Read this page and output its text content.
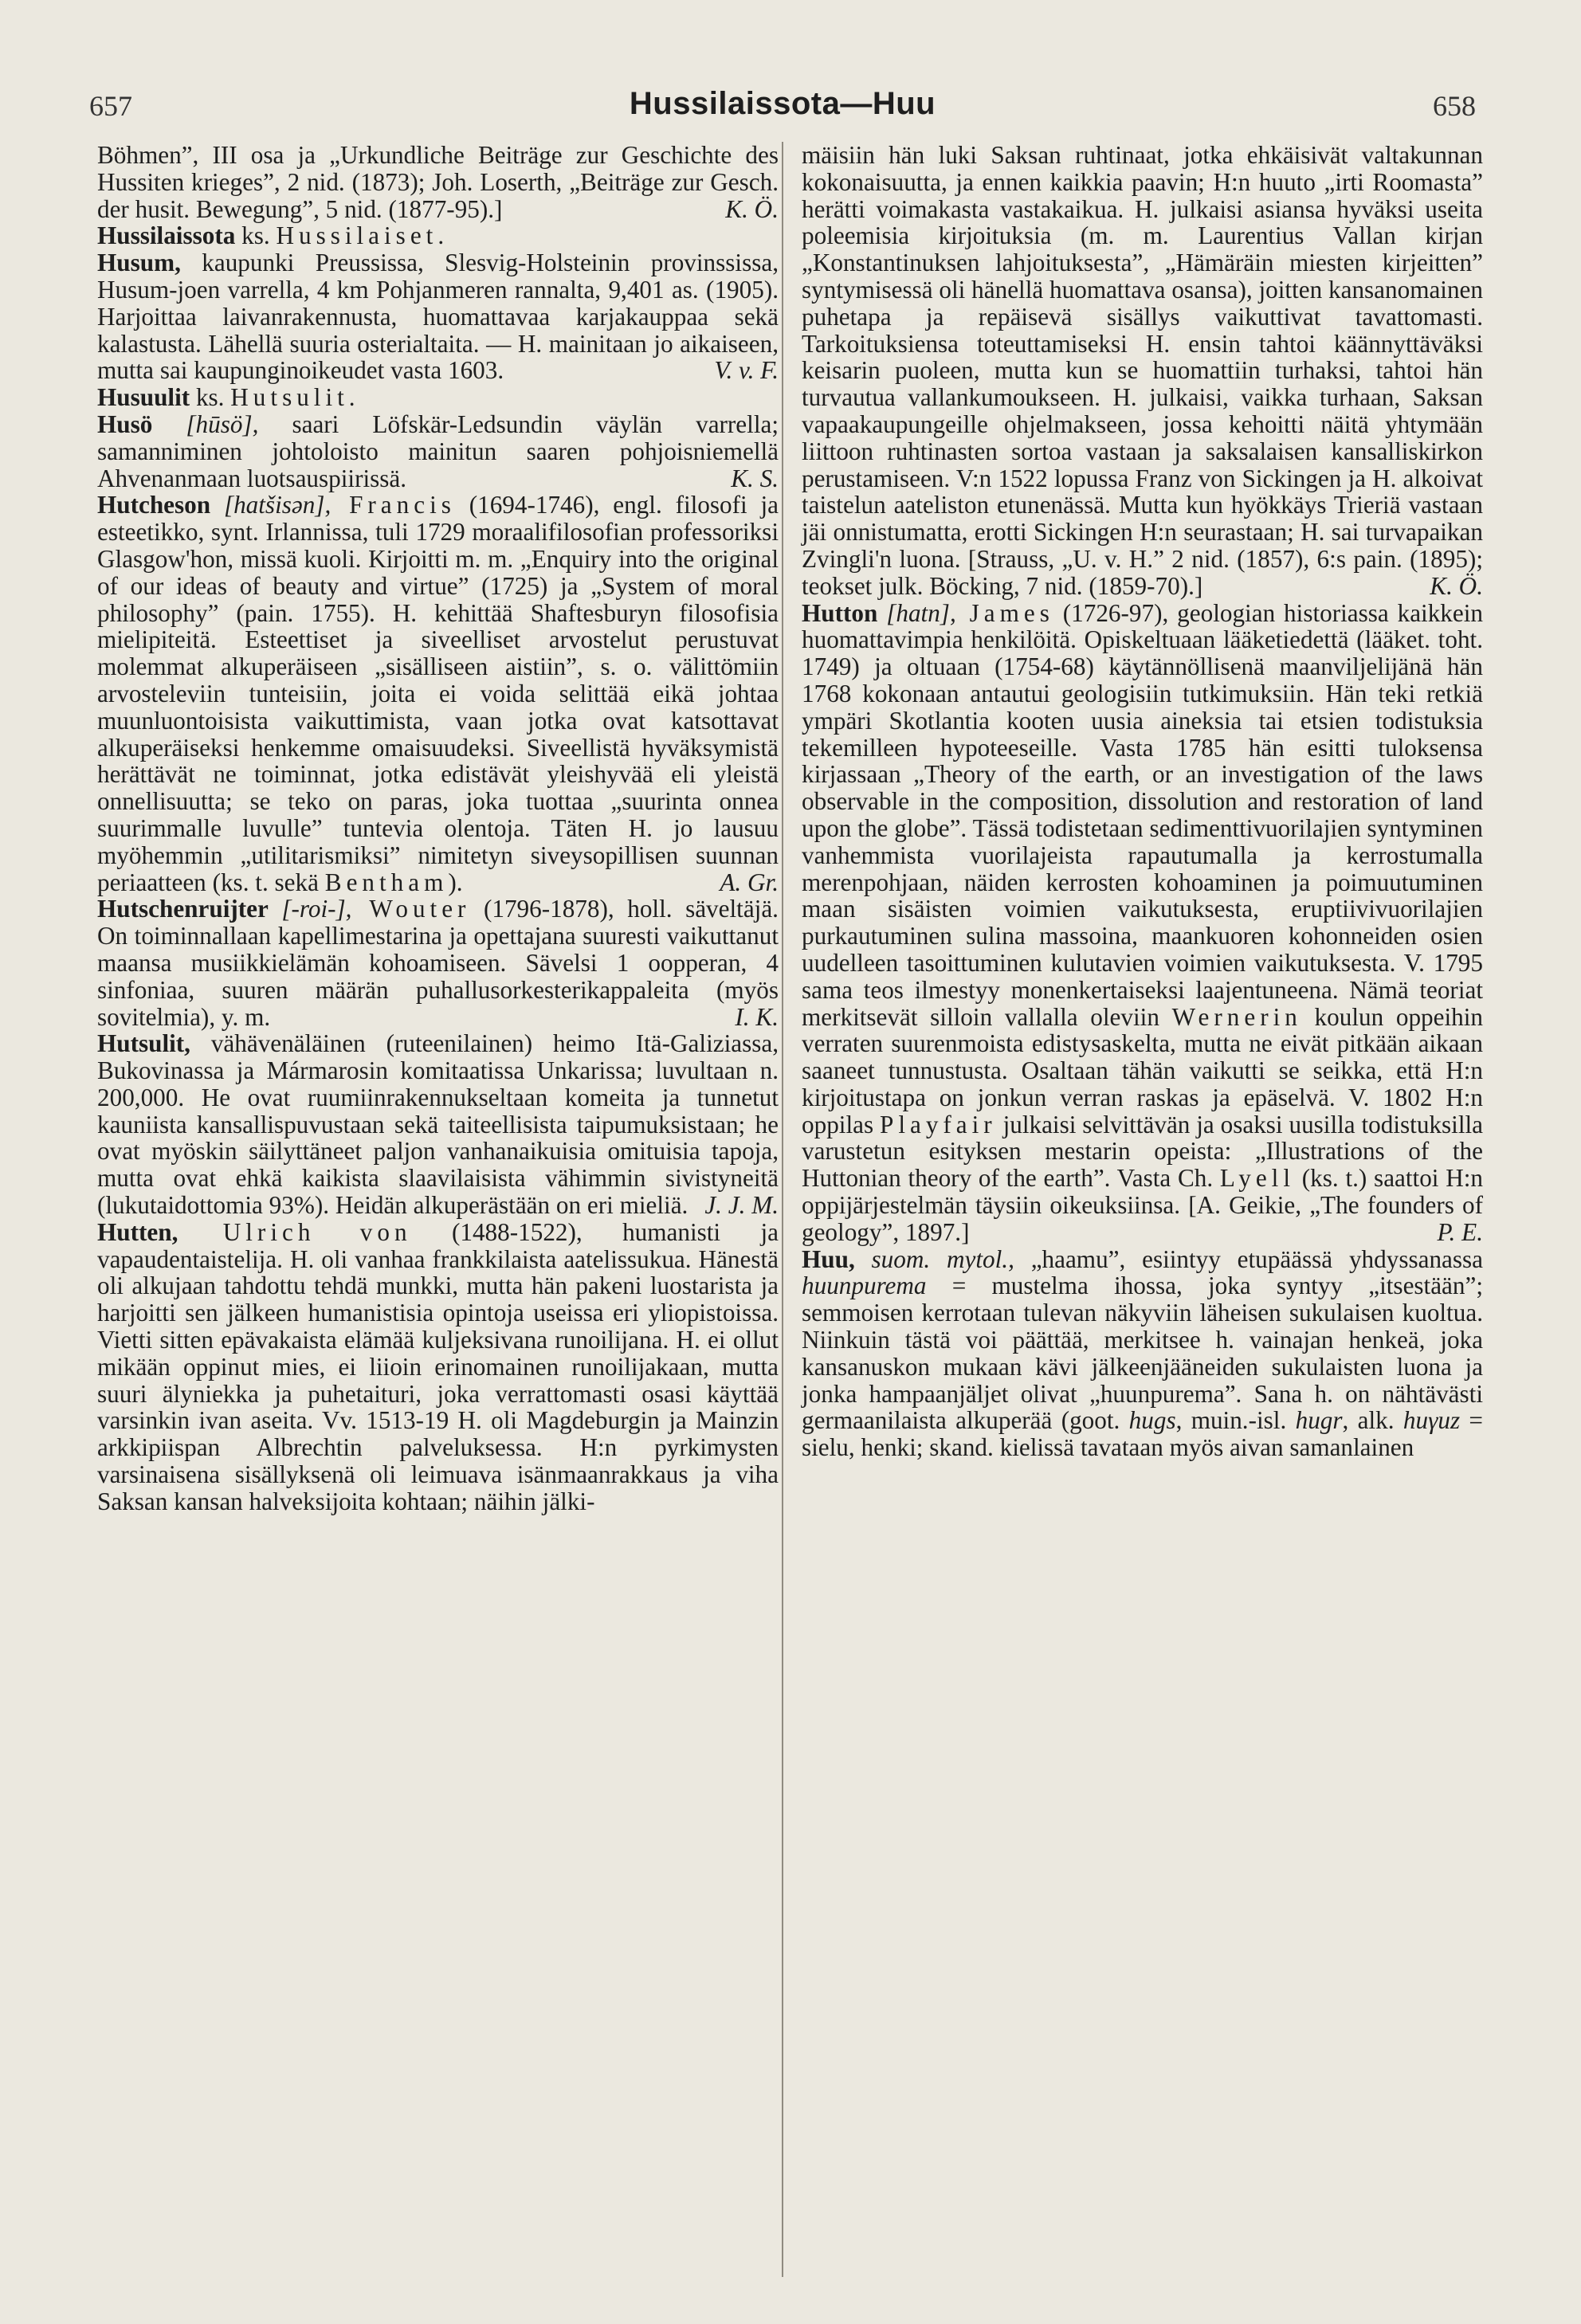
657	Hussilaissota—Huu	658

Böhmen”, III osa ja „Urkundliche Beiträge zur Geschichte des Hussiten krieges”, 2 nid. (1873); Joh. Loserth, „Beiträge zur Gesch. der husit. Bewegung”, 5 nid. (1877-95).]	K. Ö.

Hussilaissota ks. Hussilaiset.

Husum, kaupunki Preussissa, Slesvig-Holsteinin provinssissa, Husum-joen varrella, 4 km Pohjanmeren rannalta, 9,401 as. (1905). Harjoittaa laivanrakennusta, huomattavaa karjakauppaa sekä kalastusta. Lähellä suuria osterialtaita. — H. mainitaan jo aikaiseen, mutta sai kaupunginoikeudet vasta 1603.	V. v. F.

Husuulit ks. Hutsulit.

Husö [hūsö], saari Löfskär-Ledsundin väylän varrella; samanniminen johtoloisto mainitun saaren pohjoisniemellä Ahvenanmaan luotsauspiirissä.	K. S.

Hutcheson [hatšisən], Francis (1694-1746), engl. filosofi ja esteetikko, synt. Irlannissa, tuli 1729 moraalifilosofian professoriksi Glasgow'hon, missä kuoli. Kirjoitti m. m. „Enquiry into the original of our ideas of beauty and virtue” (1725) ja „System of moral philosophy” (pain. 1755). H. kehittää Shaftesburyn filosofisia mielipiteitä. Esteettiset ja siveelliset arvostelut perustuvat molemmat alkuperäiseen „sisälliseen aistiin”, s. o. välittömiin arvosteleviin tunteisiin, joita ei voida selittää eikä johtaa muunluontoisista vaikuttimista, vaan jotka ovat katsottavat alkuperäiseksi henkemme omaisuudeksi. Siveellistä hyväksymistä herättävät ne toiminnat, jotka edistävät yleishyvää eli yleistä onnellisuutta; se teko on paras, joka tuottaa „suurinta onnea suurimmalle luvulle” tuntevia olentoja. Täten H. jo lausuu myöhemmin „utilitarismiksi” nimitetyn siveysopillisen suunnan periaatteen (ks. t. sekä Bentham).	A. Gr.

Hutschenruijter [-roi-], Wouter (1796-1878), holl. säveltäjä. On toiminnallaan kapellimestarina ja opettajana suuresti vaikuttanut maansa musiikkielämän kohoamiseen. Sävelsi 1 oopperan, 4 sinfoniaa, suuren määrän puhallusorkesterikappaleita (myös sovitelmia), y. m.	I. K.

Hutsulit, vähävenäläinen (ruteenilainen) heimo Itä-Galiziassa, Bukovinassa ja Mármarosin komitaatissa Unkarissa; luvultaan n. 200,000. He ovat ruumiinrakennukseltaan komeita ja tunnetut kauniista kansallispuvustaan sekä taiteellisista taipumuksistaan; he ovat myöskin säilyttäneet paljon vanhanaikuisia omituisia tapoja, mutta ovat ehkä kaikista slaavilaisista vähimmin sivistyneitä (lukutaidottomia 93%). Heidän alkuperästään on eri mieliä. J. J. M.

Hutten, Ulrich von (1488-1522), humanisti ja vapaudentaistelija. H. oli vanhaa frankkilaista aatelissukua. Hänestä oli alkujaan tahdottu tehdä munkki, mutta hän pakeni luostarista ja harjoitti sen jälkeen humanistisia opintoja useissa eri yliopistoissa. Vietti sitten epävakaista elämää kuljeksivana runoilijana. H. ei ollut mikään oppinut mies, ei liioin erinomainen runoilijakaan, mutta suuri älyniekka ja puhetaituri, joka verrattomasti osasi käyttää varsinkin ivan aseita. Vv. 1513-19 H. oli Magdeburgin ja Mainzin arkkipiispan Albrechtin palveluksessa. H:n pyrkimysten varsinaisena sisällyksenä oli leimuava isänmaanrakkaus ja viha Saksan kansan halveksijoita kohtaan; näihin jälki-

mäisiin hän luki Saksan ruhtinaat, jotka ehkäisivät valtakunnan kokonaisuutta, ja ennen kaikkia paavin; H:n huuto „irti Roomasta” herätti voimakasta vastakaikua. H. julkaisi asiansa hyväksi useita poleemisia kirjoituksia (m. m. Laurentius Vallan kirjan „Konstantinuksen lahjoituksesta”, „Hämäräin miesten kirjeitten” syntymisessä oli hänellä huomattava osansa), joitten kansanomainen puhetapa ja repäisevä sisällys vaikuttivat tavattomasti. Tarkoituksiensa toteuttamiseksi H. ensin tahtoi käännyttäväksi keisarin puoleen, mutta kun se huomattiin turhaksi, tahtoi hän turvautua vallankumoukseen. H. julkaisi, vaikka turhaan, Saksan vapaakaupungeille ohjelmakseen, jossa kehoitti näitä yhtymään liittoon ruhtinasten sortoa vastaan ja saksalaisen kansalliskirkon perustamiseen. V:n 1522 lopussa Franz von Sickingen ja H. alkoivat taistelun aateliston etunenässä. Mutta kun hyökkäys Trieriä vastaan jäi onnistumatta, erotti Sickingen H:n seurastaan; H. sai turvapaikan Zvingli'n luona. [Strauss, „U. v. H.” 2 nid. (1857), 6:s pain. (1895); teokset julk. Böcking, 7 nid. (1859-70).]	K. Ö.

Hutton [hatn], James (1726-97), geologian historiassa kaikkein huomattavimpia henkilöitä. Opiskeltuaan lääketiedettä (lääket. toht. 1749) ja oltuaan (1754-68) käytännöllisenä maanviljelijänä hän 1768 kokonaan antautui geologisiin tutkimuksiin. Hän teki retkiä ympäri Skotlantia kooten uusia aineksia tai etsien todistuksia tekemilleen hypoteeseille. Vasta 1785 hän esitti tuloksensa kirjassaan „Theory of the earth, or an investigation of the laws observable in the composition, dissolution and restoration of land upon the globe”. Tässä todistetaan sedimenttivuorilajien syntyminen vanhemmista vuorilajeista rapautumalla ja kerrostumalla merenpohjaan, näiden kerrosten kohoaminen ja poimuutuminen maan sisäisten voimien vaikutuksesta, eruptiivivuorilajien purkautuminen sulina massoina, maankuoren kohonneiden osien uudelleen tasoittuminen kulutavien voimien vaikutuksesta. V. 1795 sama teos ilmestyy monenkertaiseksi laajentuneena. Nämä teoriat merkitsevät silloin vallalla oleviin Wernerin koulun oppeihin verraten suurenmoista edistysaskelta, mutta ne eivät pitkään aikaan saaneet tunnustusta. Osaltaan tähän vaikutti se seikka, että H:n kirjoitustapa on jonkun verran raskas ja epäselvä. V. 1802 H:n oppilas Playfair julkaisi selvittävän ja osaksi uusilla todistuksilla varustetun esityksen mestarin opeista: „Illustrations of the Huttonian theory of the earth”. Vasta Ch. Lyell (ks. t.) saattoi H:n oppijärjestelmän täysiin oikeuksiinsa. [A. Geikie, „The founders of geology”, 1897.]	P. E.

Huu, suom. mytol., „haamu”, esiintyy etupäässä yhdyssanassa huunpurema = mustelma ihossa, joka syntyy „itsestään”; semmoisen kerrotaan tulevan näkyviin läheisen sukulaisen kuoltua. Niinkuin tästä voi päättää, merkitsee h. vainajan henkeä, joka kansanuskon mukaan kävi jälkeenjääneiden sukulaisten luona ja jonka hampaanjäljet olivat „huunpurema”. Sana h. on nähtävästi germaanilaista alkuperää (goot. hugs, muin.-isl. hugr, alk. huγuz = sielu, henki; skand. kielissä tavataan myös aivan samanlainen
